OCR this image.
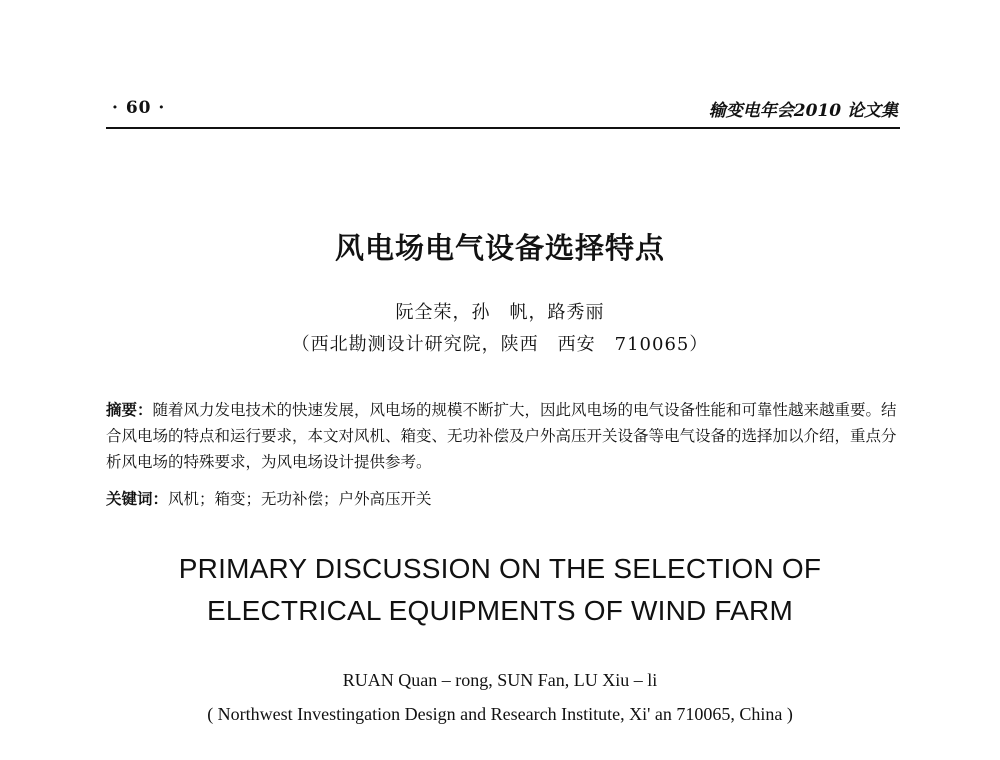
· 60 ·	输变电年会2010 论文集
风电场电气设备选择特点
阮全荣，孙　帆，路秀丽
（西北勘测设计研究院，陕西　西安　710065）

摘要：随着风力发电技术的快速发展，风电场的规模不断扩大，因此风电场的电气设备性能和可靠性越来越重要。结合风电场的特点和运行要求，本文对风机、箱变、无功补偿及户外高压开关设备等电气设备的选择加以介绍，重点分析风电场的特殊要求，为风电场设计提供参考。

关键词：风机；箱变；无功补偿；户外高压开关

PRIMARY DISCUSSION ON THE SELECTION OF
ELECTRICAL EQUIPMENTS OF WIND FARM
RUAN Quan – rong, SUN Fan, LU Xiu – li
( Northwest Investingation Design and Research Institute, Xi' an 710065, China )
